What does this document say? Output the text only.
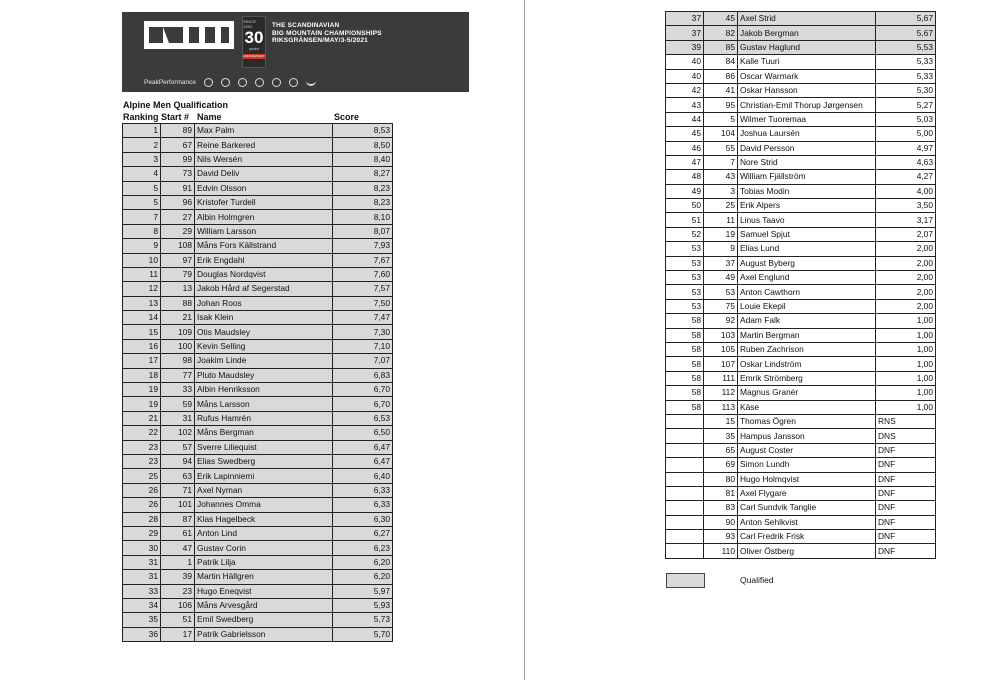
SINCE 1991
30
years
ANNIVERSARY
THE SCANDINAVIAN
BIG MOUNTAIN CHAMPIONSHIPS
RIKSGRÄNSEN/MAY/3-5/2021
PeakPerformance
Alpine Men Qualification
Ranking Start # Name	Score
1	89	Max Palm	8,53
2	67	Reine Barkered	8,50
3	99	Nils Wersén	8,40
4	73	David Deliv	8,27
5	91	Edvin Olsson	8,23
5	96	Kristofer Turdell	8,23
7	27	Albin Holmgren	8,10
8	29	William Larsson	8,07
9	108	Måns Fors Källstrand	7,93
10	97	Erik Engdahl	7,67
11	79	Douglas Nordqvist	7,60
12	13	Jakob Hård af Segerstad	7,57
13	88	Johan Roos	7,50
14	21	Isak Klein	7,47
15	109	Otis Maudsley	7,30
16	100	Kevin Selling	7,10
17	98	Joakim Linde	7,07
18	77	Pluto Maudsley	6,83
19	33	Albin Henriksson	6,70
19	59	Måns Larsson	6,70
21	31	Rufus Hamrén	6,53
22	102	Måns Bergman	6,50
23	57	Sverre Liliequist	6,47
23	94	Elias Swedberg	6,47
25	63	Erik Lapinniemi	6,40
26	71	Axel Nyman	6,33
26	101	Johannes Omma	6,33
28	87	Klas Hagelbeck	6,30
29	61	Anton Lind	6,27
30	47	Gustav Corin	6,23
31	1	Patrik Lilja	6,20
31	39	Martin Hällgren	6,20
33	23	Hugo Eneqvist	5,97
34	106	Måns Arvesgård	5,93
35	51	Emil Swedberg	5,73
36	17	Patrik Gabrielsson	5,70
37	45	Axel Strid	5,67
37	82	Jakob Bergman	5,67
39	85	Gustav Haglund	5,53
40	84	Kalle Tuuri	5,33
40	86	Oscar Warmark	5,33
42	41	Oskar Hansson	5,30
43	95	Christian-Emil Thorup Jørgensen	5,27
44	5	Wilmer Tuoremaa	5,03
45	104	Joshua Laursén	5,00
46	55	David Persson	4,97
47	7	Nore Strid	4,63
48	43	William Fjällström	4,27
49	3	Tobias Modin	4,00
50	25	Erik Alpers	3,50
51	11	Linus Taavo	3,17
52	19	Samuel Spjut	2,07
53	9	Elias Lund	2,00
53	37	August Byberg	2,00
53	49	Axel Englund	2,00
53	53	Anton Cawthorn	2,00
53	75	Louie Ekepil	2,00
58	92	Adam Falk	1,00
58	103	Martin Bergman	1,00
58	105	Ruben Zachrison	1,00
58	107	Oskar Lindström	1,00
58	111	Emrik Strömberg	1,00
58	112	Magnus Granér	1,00
58	113	Käse	1,00
	15	Thomas Ögren	RNS
	35	Hampus Jansson	DNS
	65	August Coster	DNF
	69	Simon Lundh	DNF
	80	Hugo Holmqvist	DNF
	81	Axel Flygare	DNF
	83	Carl Sundvik Tanglie	DNF
	90	Anton Sehlkvist	DNF
	93	Carl Fredrik Frisk	DNF
	110	Oliver Östberg	DNF
Qualified
